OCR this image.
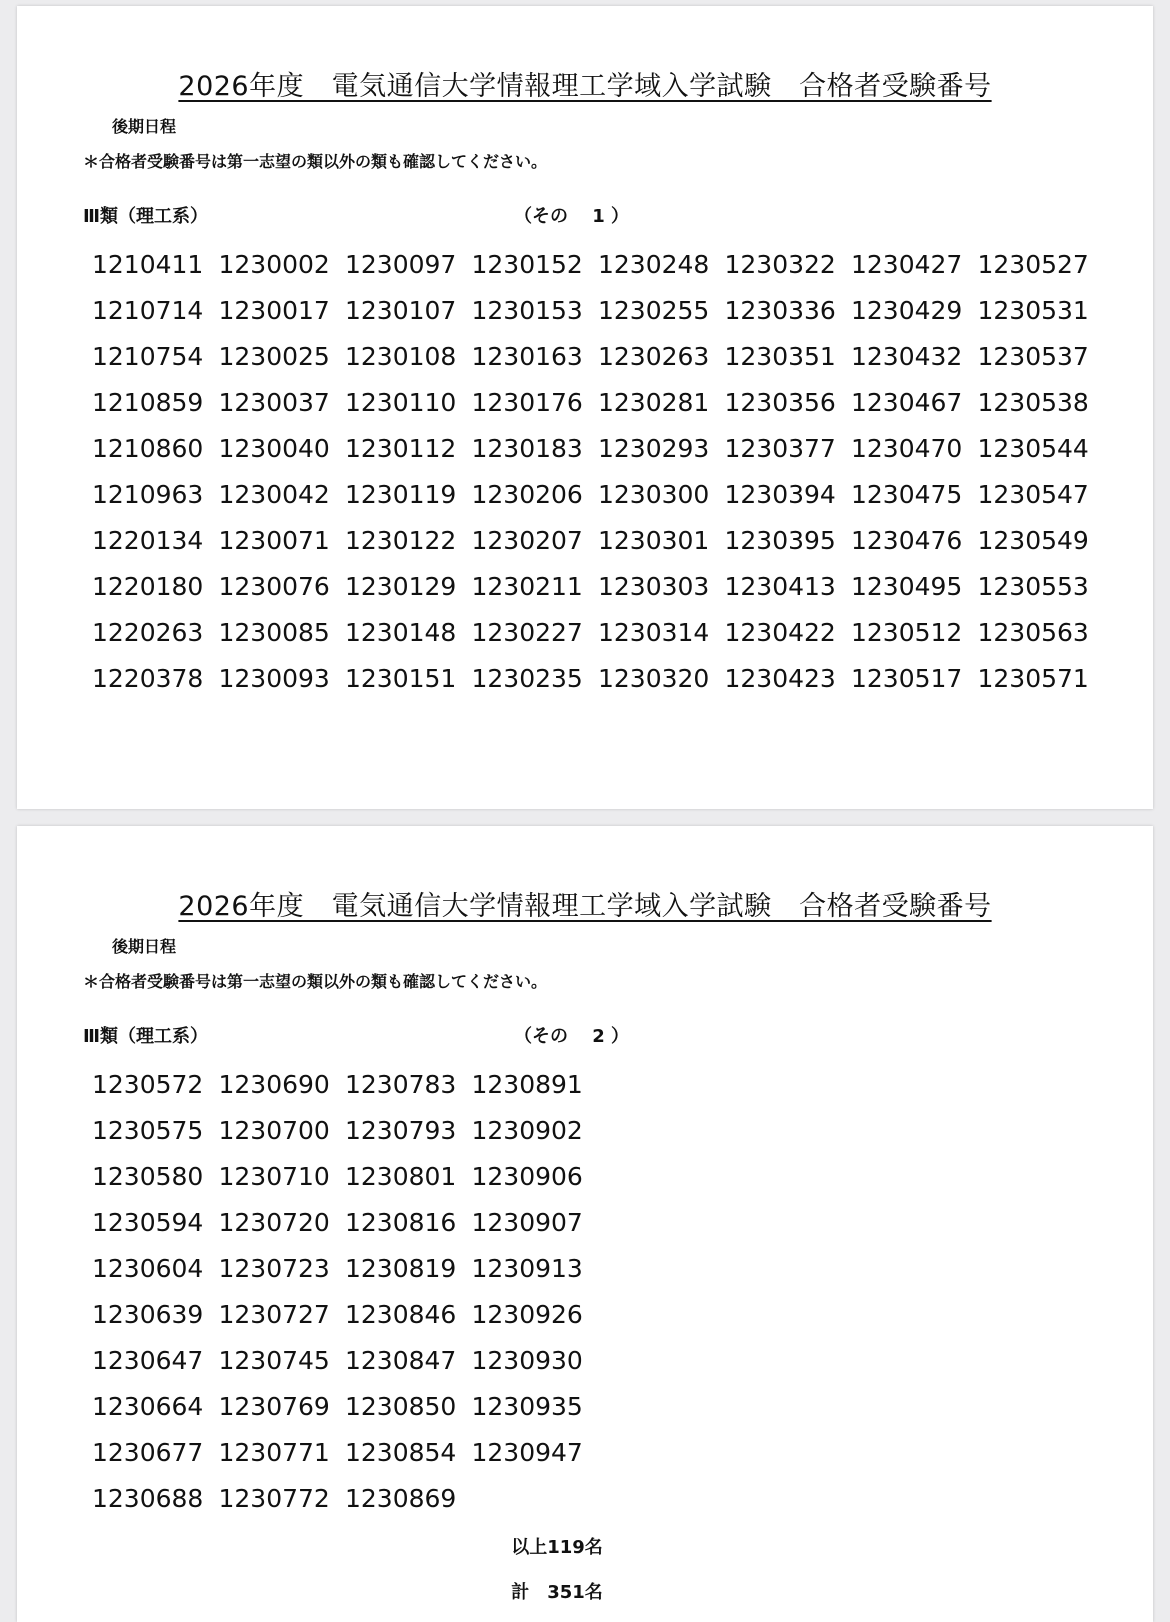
2026年度　電気通信大学情報理工学域入学試験　合格者受験番号
後期日程
＊合格者受験番号は第一志望の類以外の類も確認してください。
Ⅲ類（理工系）	（その　 1 ）
1210411 1230002 1230097 1230152 1230248 1230322 1230427 1230527
1210714 1230017 1230107 1230153 1230255 1230336 1230429 1230531
1210754 1230025 1230108 1230163 1230263 1230351 1230432 1230537
1210859 1230037 1230110 1230176 1230281 1230356 1230467 1230538
1210860 1230040 1230112 1230183 1230293 1230377 1230470 1230544
1210963 1230042 1230119 1230206 1230300 1230394 1230475 1230547
1220134 1230071 1230122 1230207 1230301 1230395 1230476 1230549
1220180 1230076 1230129 1230211 1230303 1230413 1230495 1230553
1220263 1230085 1230148 1230227 1230314 1230422 1230512 1230563
1220378 1230093 1230151 1230235 1230320 1230423 1230517 1230571
2026年度　電気通信大学情報理工学域入学試験　合格者受験番号
後期日程
＊合格者受験番号は第一志望の類以外の類も確認してください。
Ⅲ類（理工系）	（その　 2 ）
1230572 1230690 1230783 1230891
1230575 1230700 1230793 1230902
1230580 1230710 1230801 1230906
1230594 1230720 1230816 1230907
1230604 1230723 1230819 1230913
1230639 1230727 1230846 1230926
1230647 1230745 1230847 1230930
1230664 1230769 1230850 1230935
1230677 1230771 1230854 1230947
1230688 1230772 1230869
以上119名
計　351名
